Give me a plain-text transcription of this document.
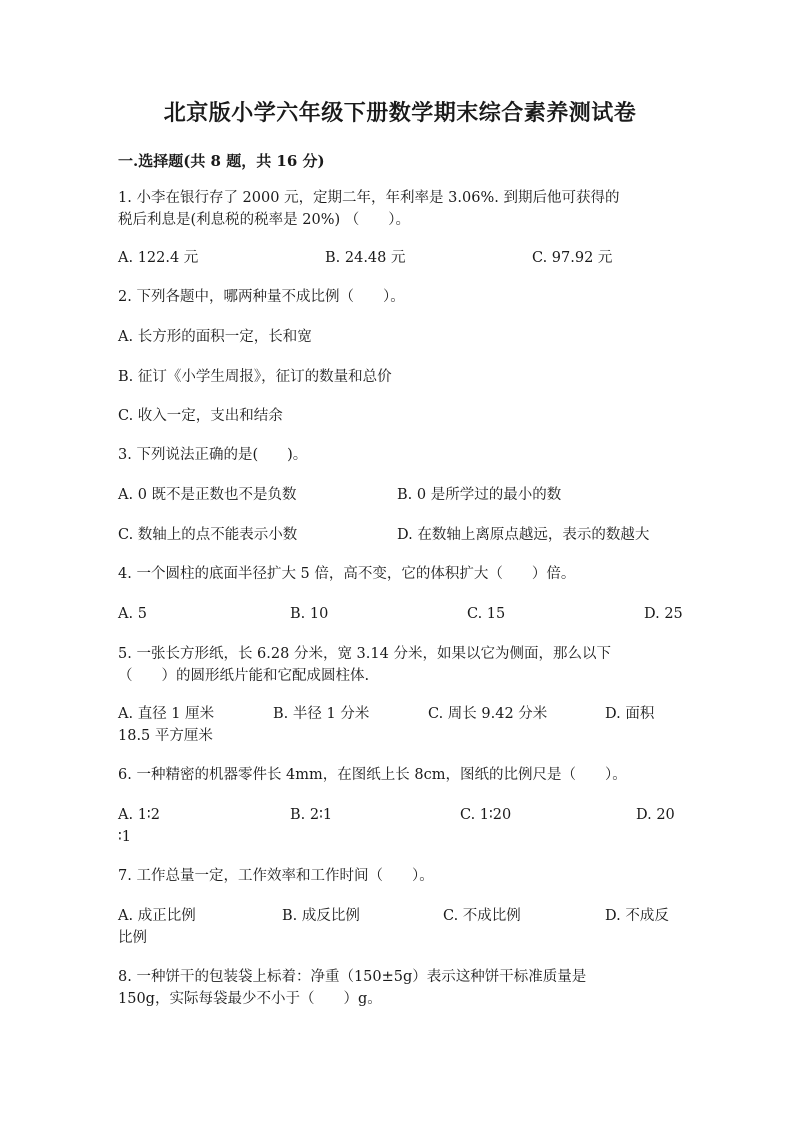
北京版小学六年级下册数学期末综合素养测试卷
一.选择题(共 8 题，共 16 分)
1. 小李在银行存了 2000 元，定期二年，年利率是 3.06%. 到期后他可获得的
税后利息是(利息税的税率是 20%) （　　）。
A. 122.4 元	B. 24.48 元	C. 97.92 元
2. 下列各题中，哪两种量不成比例（　　）。
A. 长方形的面积一定，长和宽
B. 征订《小学生周报》，征订的数量和总价
C. 收入一定，支出和结余
3. 下列说法正确的是(　　)。
A. 0 既不是正数也不是负数	B. 0 是所学过的最小的数
C. 数轴上的点不能表示小数	D. 在数轴上离原点越远，表示的数越大
4. 一个圆柱的底面半径扩大 5 倍，高不变，它的体积扩大（　　）倍。
A. 5	B. 10	C. 15	D. 25
5. 一张长方形纸，长 6.28 分米，宽 3.14 分米，如果以它为侧面，那么以下
（　　）的圆形纸片能和它配成圆柱体.
A. 直径 1 厘米	B. 半径 1 分米	C. 周长 9.42 分米	D. 面积
18.5 平方厘米
6. 一种精密的机器零件长 4mm，在图纸上长 8cm，图纸的比例尺是（　　）。
A. 1∶2	B. 2∶1	C. 1∶20	D. 20
∶1
7. 工作总量一定，工作效率和工作时间（　　）。
A. 成正比例	B. 成反比例	C. 不成比例	D. 不成反
比例
8. 一种饼干的包装袋上标着：净重（150±5g）表示这种饼干标准质量是
150g，实际每袋最少不小于（　　）g。
